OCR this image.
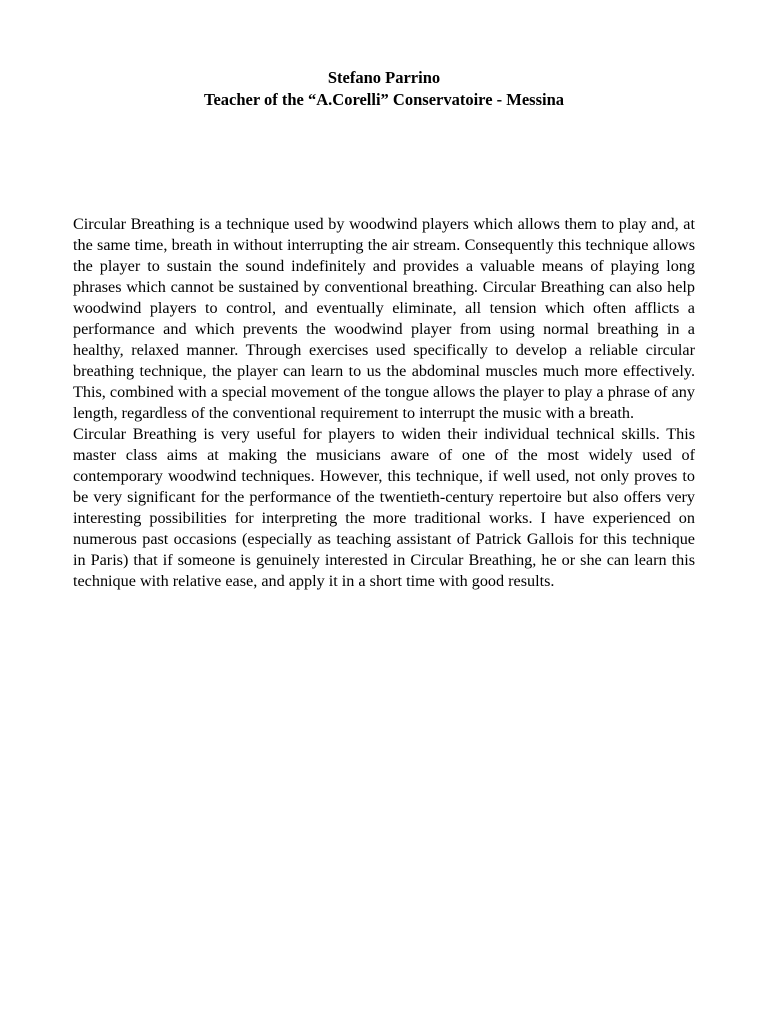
Stefano Parrino
Teacher of the “A.Corelli” Conservatoire - Messina

Circular Breathing is a technique used by woodwind players which allows them to play and, at the same time, breath in without interrupting the air stream. Consequently this technique allows the player to sustain the sound indefinitely and provides a valuable means of playing long phrases which cannot be sustained by conventional breathing. Circular Breathing can also help woodwind players to control, and eventually eliminate, all tension which often afflicts a performance and which prevents the woodwind player from using normal breathing in a healthy, relaxed manner. Through exercises used specifically to develop a reliable circular breathing technique, the player can learn to us the abdominal muscles much more effectively. This, combined with a special movement of the tongue allows the player to play a phrase of any length, regardless of the conventional requirement to interrupt the music with a breath.

Circular Breathing is very useful for players to widen their individual technical skills. This master class aims at making the musicians aware of one of the most widely used of contemporary woodwind techniques. However, this technique, if well used, not only proves to be very significant for the performance of the twentieth-century repertoire but also offers very interesting possibilities for interpreting the more traditional works. I have experienced on numerous past occasions (especially as teaching assistant of Patrick Gallois for this technique in Paris) that if someone is genuinely interested in Circular Breathing, he or she can learn this technique with relative ease, and apply it in a short time with good results.
